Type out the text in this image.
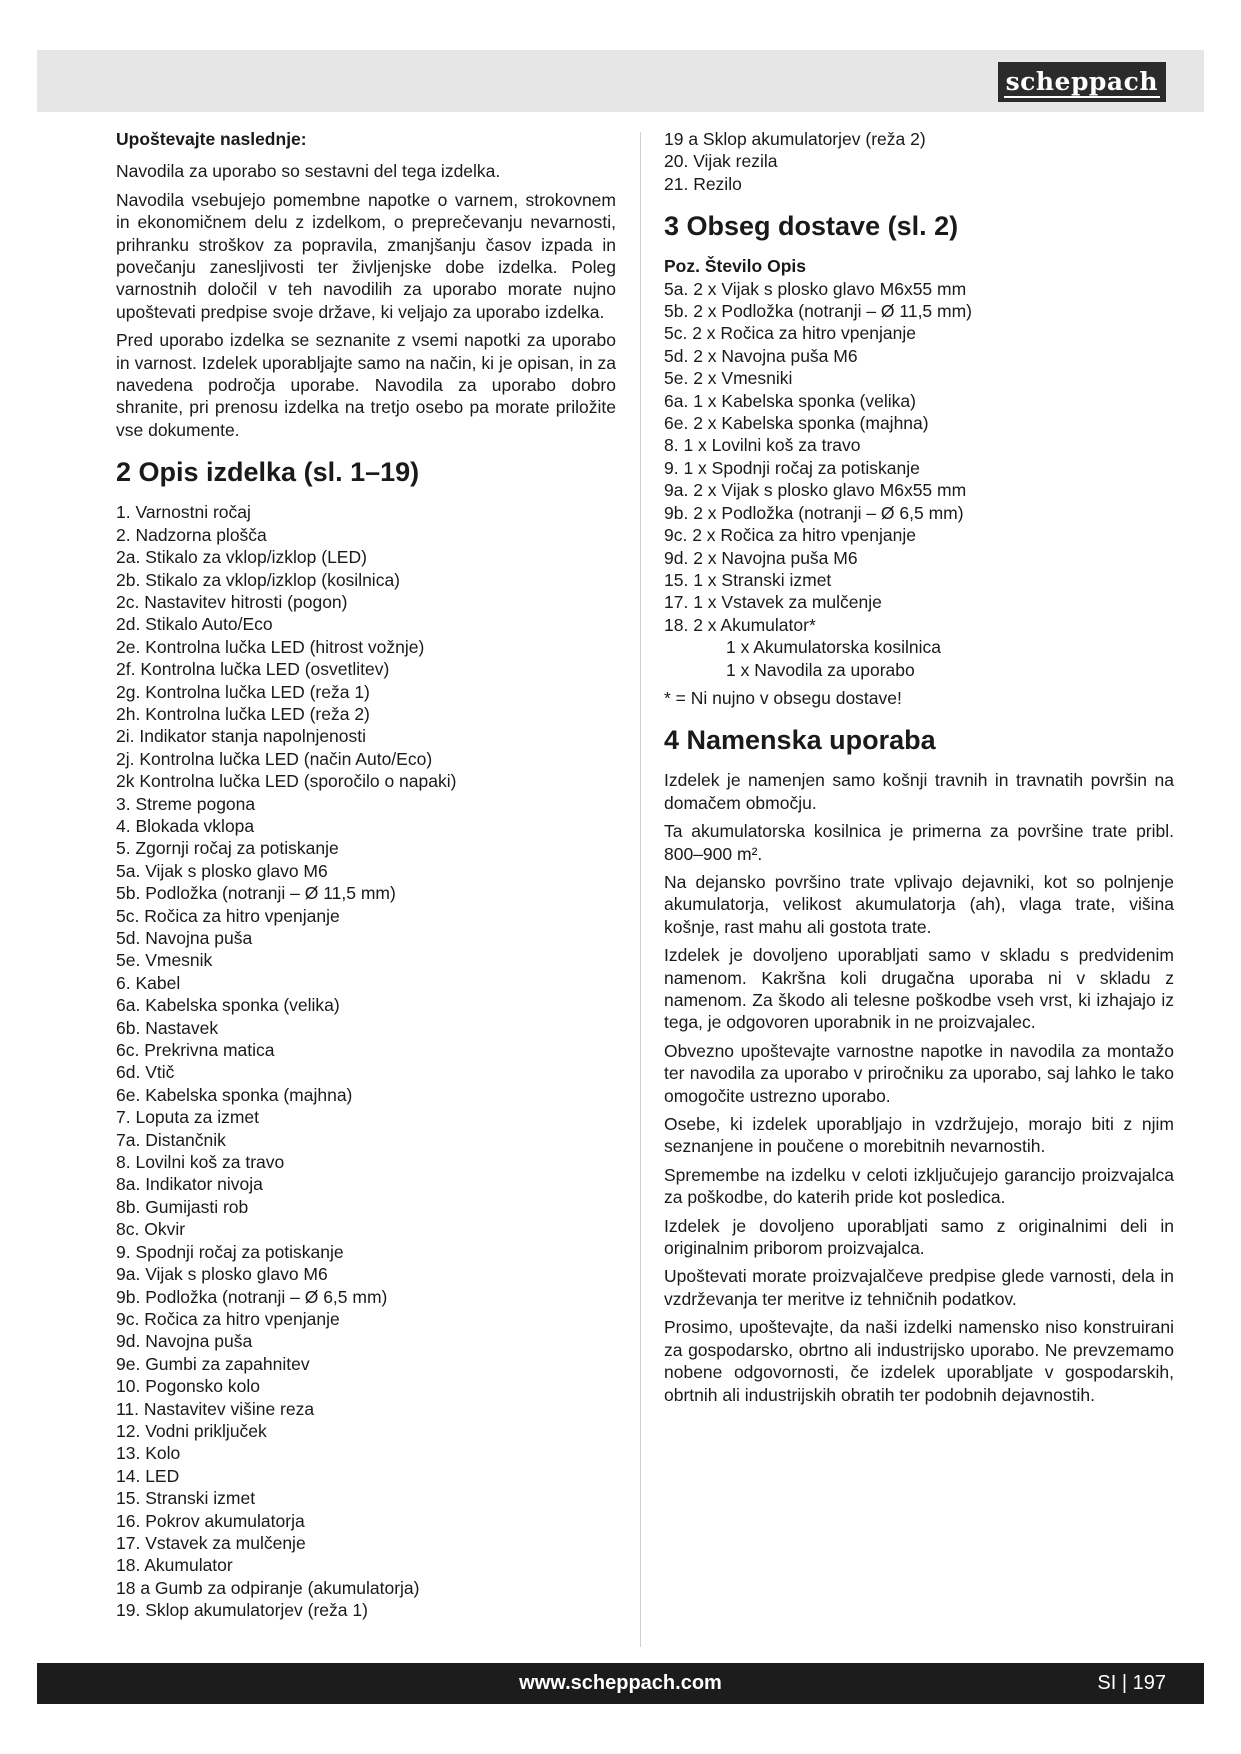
scheppach
Upoštevajte naslednje:

Navodila za uporabo so sestavni del tega izdelka.

Navodila vsebujejo pomembne napotke o varnem, strokovnem in ekonomičnem delu z izdelkom, o preprečevanju nevarnosti, prihranku stroškov za popravila, zmanjšanju časov izpada in povečanju zanesljivosti ter življenjske dobe izdelka. Poleg varnostnih določil v teh navodilih za uporabo morate nujno upoštevati predpise svoje države, ki veljajo za uporabo izdelka.

Pred uporabo izdelka se seznanite z vsemi napotki za uporabo in varnost. Izdelek uporabljajte samo na način, ki je opisan, in za navedena področja uporabe. Navodila za uporabo dobro shranite, pri prenosu izdelka na tretjo osebo pa morate priložite vse dokumente.

2 Opis izdelka (sl. 1–19)
1. Varnostni ročaj
2. Nadzorna plošča
2a. Stikalo za vklop/izklop (LED)
2b. Stikalo za vklop/izklop (kosilnica)
2c. Nastavitev hitrosti (pogon)
2d. Stikalo Auto/Eco
2e. Kontrolna lučka LED (hitrost vožnje)
2f. Kontrolna lučka LED (osvetlitev)
2g. Kontrolna lučka LED (reža 1)
2h. Kontrolna lučka LED (reža 2)
2i. Indikator stanja napolnjenosti
2j. Kontrolna lučka LED (način Auto/Eco)
2k Kontrolna lučka LED (sporočilo o napaki)
3. Streme pogona
4. Blokada vklopa
5. Zgornji ročaj za potiskanje
5a. Vijak s plosko glavo M6
5b. Podložka (notranji – Ø 11,5 mm)
5c. Ročica za hitro vpenjanje
5d. Navojna puša
5e. Vmesnik
6. Kabel
6a. Kabelska sponka (velika)
6b. Nastavek
6c. Prekrivna matica
6d. Vtič
6e. Kabelska sponka (majhna)
7. Loputa za izmet
7a. Distančnik
8. Lovilni koš za travo
8a. Indikator nivoja
8b. Gumijasti rob
8c. Okvir
9. Spodnji ročaj za potiskanje
9a. Vijak s plosko glavo M6
9b. Podložka (notranji – Ø 6,5 mm)
9c. Ročica za hitro vpenjanje
9d. Navojna puša
9e. Gumbi za zapahnitev
10. Pogonsko kolo
11. Nastavitev višine reza
12. Vodni priključek
13. Kolo
14. LED
15. Stranski izmet
16. Pokrov akumulatorja
17. Vstavek za mulčenje
18. Akumulator
18 a Gumb za odpiranje (akumulatorja)
19. Sklop akumulatorjev (reža 1)
19 a Sklop akumulatorjev (reža 2)
20. Vijak rezila
21. Rezilo
3 Obseg dostave (sl. 2)
Poz. Število Opis
5a. 2 x Vijak s plosko glavo M6x55 mm
5b. 2 x Podložka (notranji – Ø 11,5 mm)
5c. 2 x Ročica za hitro vpenjanje
5d. 2 x Navojna puša M6
5e. 2 x Vmesniki
6a. 1 x Kabelska sponka (velika)
6e. 2 x Kabelska sponka (majhna)
8. 1 x Lovilni koš za travo
9. 1 x Spodnji ročaj za potiskanje
9a. 2 x Vijak s plosko glavo M6x55 mm
9b. 2 x Podložka (notranji – Ø 6,5 mm)
9c. 2 x Ročica za hitro vpenjanje
9d. 2 x Navojna puša M6
15. 1 x Stranski izmet
17. 1 x Vstavek za mulčenje
18. 2 x Akumulator*
1 x Akumulatorska kosilnica
1 x Navodila za uporabo
* = Ni nujno v obsegu dostave!
4 Namenska uporaba

Izdelek je namenjen samo košnji travnih in travnatih površin na domačem območju.

Ta akumulatorska kosilnica je primerna za površine trate pribl. 800–900 m².

Na dejansko površino trate vplivajo dejavniki, kot so polnjenje akumulatorja, velikost akumulatorja (ah), vlaga trate, višina košnje, rast mahu ali gostota trate.

Izdelek je dovoljeno uporabljati samo v skladu s predvidenim namenom. Kakršna koli drugačna uporaba ni v skladu z namenom. Za škodo ali telesne poškodbe vseh vrst, ki izhajajo iz tega, je odgovoren uporabnik in ne proizvajalec.

Obvezno upoštevajte varnostne napotke in navodila za montažo ter navodila za uporabo v priročniku za uporabo, saj lahko le tako omogočite ustrezno uporabo.

Osebe, ki izdelek uporabljajo in vzdržujejo, morajo biti z njim seznanjene in poučene o morebitnih nevarnostih.

Spremembe na izdelku v celoti izključujejo garancijo proizvajalca za poškodbe, do katerih pride kot posledica.

Izdelek je dovoljeno uporabljati samo z originalnimi deli in originalnim priborom proizvajalca.

Upoštevati morate proizvajalčeve predpise glede varnosti, dela in vzdrževanja ter meritve iz tehničnih podatkov.

Prosimo, upoštevajte, da naši izdelki namensko niso konstruirani za gospodarsko, obrtno ali industrijsko uporabo. Ne prevzemamo nobene odgovornosti, če izdelek uporabljate v gospodarskih, obrtnih ali industrijskih obratih ter podobnih dejavnostih.

www.scheppach.com	SI | 197
